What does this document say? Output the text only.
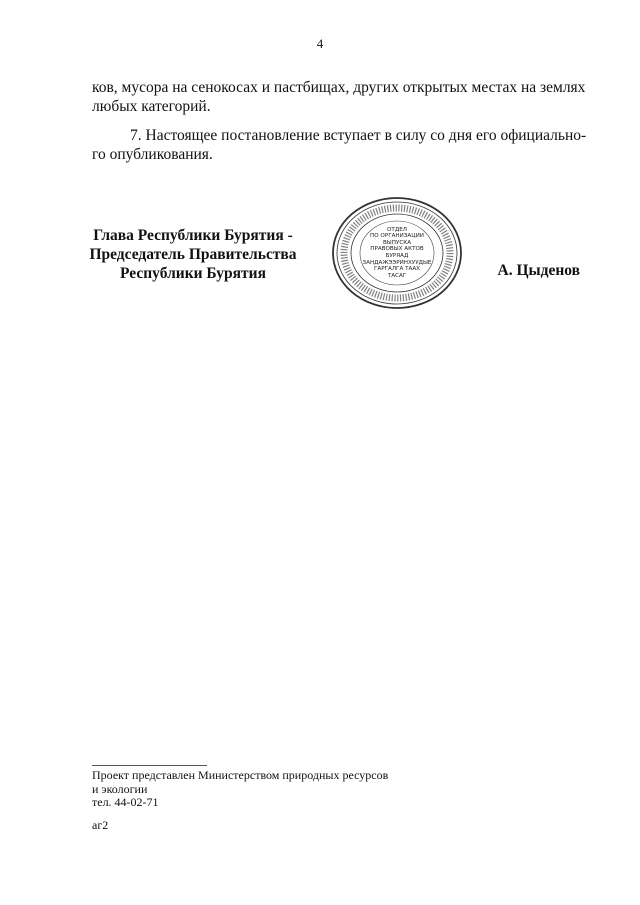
4
ков, мусора на сенокосах и пастбищах, других открытых местах на землях
любых категорий.
7. Настоящее постановление вступает в силу со дня его официально-
го опубликования.
Глава Республики Бурятия -
Председатель Правительства
Республики Бурятия
ОТДЕЛ
ПО ОРГАНИЗАЦИИ
ВЫПУСКА
ПРАВОВЫХ АКТОВ
БУРЯАД
ЗАНДАЖЭЭРИНХУУДЫЕ
ГАРГАЛГА ТААХ
ТАСАГ	А. Цыденов
Проект представлен Министерством природных ресурсов
и экологии
тел. 44-02-71
аг2
